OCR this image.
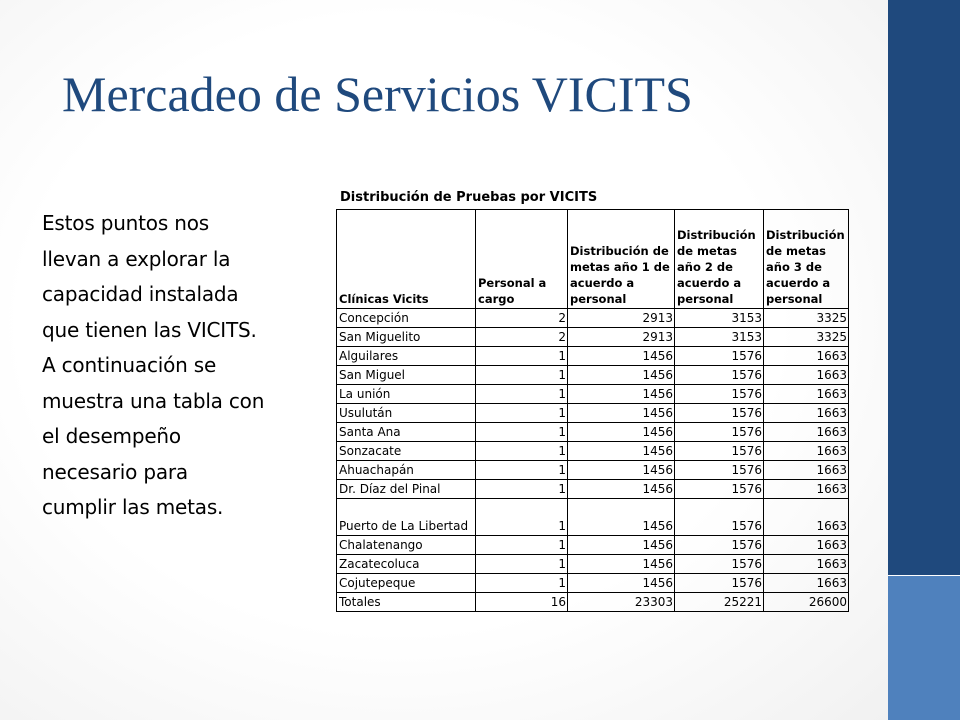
Mercadeo de Servicios VICITS
Estos puntos nos
llevan a explorar la
capacidad instalada
que tienen las VICITS.
A continuación se
muestra una tabla con
el desempeño
necesario para
cumplir las metas.
Distribución de Pruebas por VICITS
Clínicas Vicits	Personal a cargo	Distribución de metas año 1 de acuerdo a personal	Distribución de metas año 2 de acuerdo a personal	Distribución de metas año 3 de acuerdo a personal
Concepción	2	2913	3153	3325
San Miguelito	2	2913	3153	3325
Alguilares	1	1456	1576	1663
San Miguel	1	1456	1576	1663
La unión	1	1456	1576	1663
Usulután	1	1456	1576	1663
Santa Ana	1	1456	1576	1663
Sonzacate	1	1456	1576	1663
Ahuachapán	1	1456	1576	1663
Dr. Díaz del Pinal	1	1456	1576	1663
Puerto de La Libertad	1	1456	1576	1663
Chalatenango	1	1456	1576	1663
Zacatecoluca	1	1456	1576	1663
Cojutepeque	1	1456	1576	1663
Totales	16	23303	25221	26600
